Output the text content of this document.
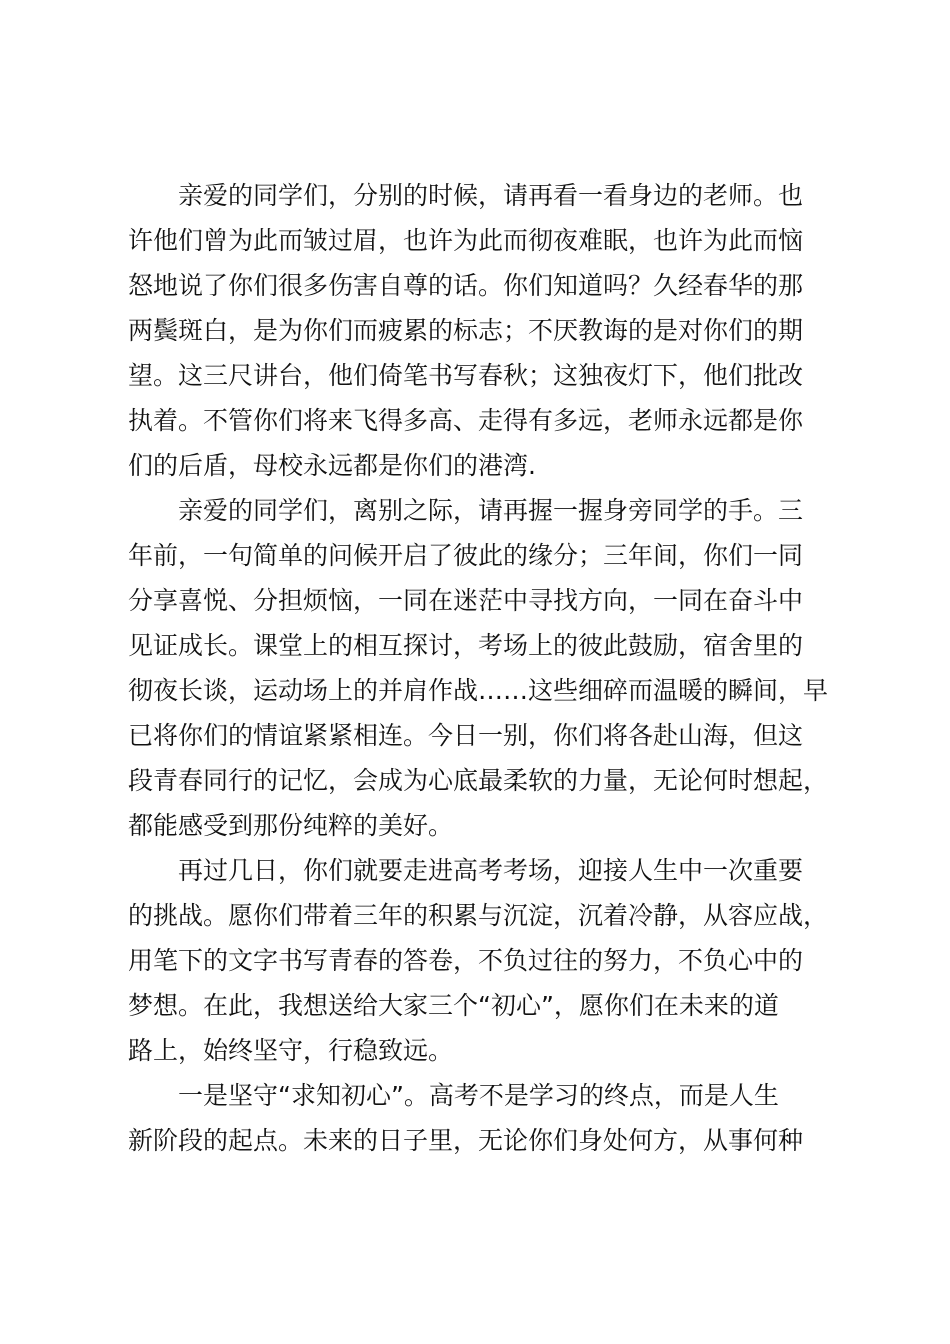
亲爱的同学们，分别的时候，请再看一看身边的老师。也
许他们曾为此而皱过眉，也许为此而彻夜难眠，也许为此而恼
怒地说了你们很多伤害自尊的话。你们知道吗？久经春华的那
两鬓斑白，是为你们而疲累的标志；不厌教诲的是对你们的期
望。这三尺讲台，他们倚笔书写春秋；这独夜灯下，他们批改
执着。不管你们将来飞得多高、走得有多远，老师永远都是你
们的后盾，母校永远都是你们的港湾.
亲爱的同学们，离别之际，请再握一握身旁同学的手。三
年前，一句简单的问候开启了彼此的缘分；三年间，你们一同
分享喜悦、分担烦恼，一同在迷茫中寻找方向，一同在奋斗中
见证成长。课堂上的相互探讨，考场上的彼此鼓励，宿舍里的
彻夜长谈，运动场上的并肩作战……这些细碎而温暖的瞬间，早
已将你们的情谊紧紧相连。今日一别，你们将各赴山海，但这
段青春同行的记忆，会成为心底最柔软的力量，无论何时想起，
都能感受到那份纯粹的美好。
再过几日，你们就要走进高考考场，迎接人生中一次重要
的挑战。愿你们带着三年的积累与沉淀，沉着冷静，从容应战，
用笔下的文字书写青春的答卷，不负过往的努力，不负心中的
梦想。在此，我想送给大家三个“初心”，愿你们在未来的道
路上，始终坚守，行稳致远。
一是坚守“求知初心”。高考不是学习的终点，而是人生
新阶段的起点。未来的日子里，无论你们身处何方，从事何种
